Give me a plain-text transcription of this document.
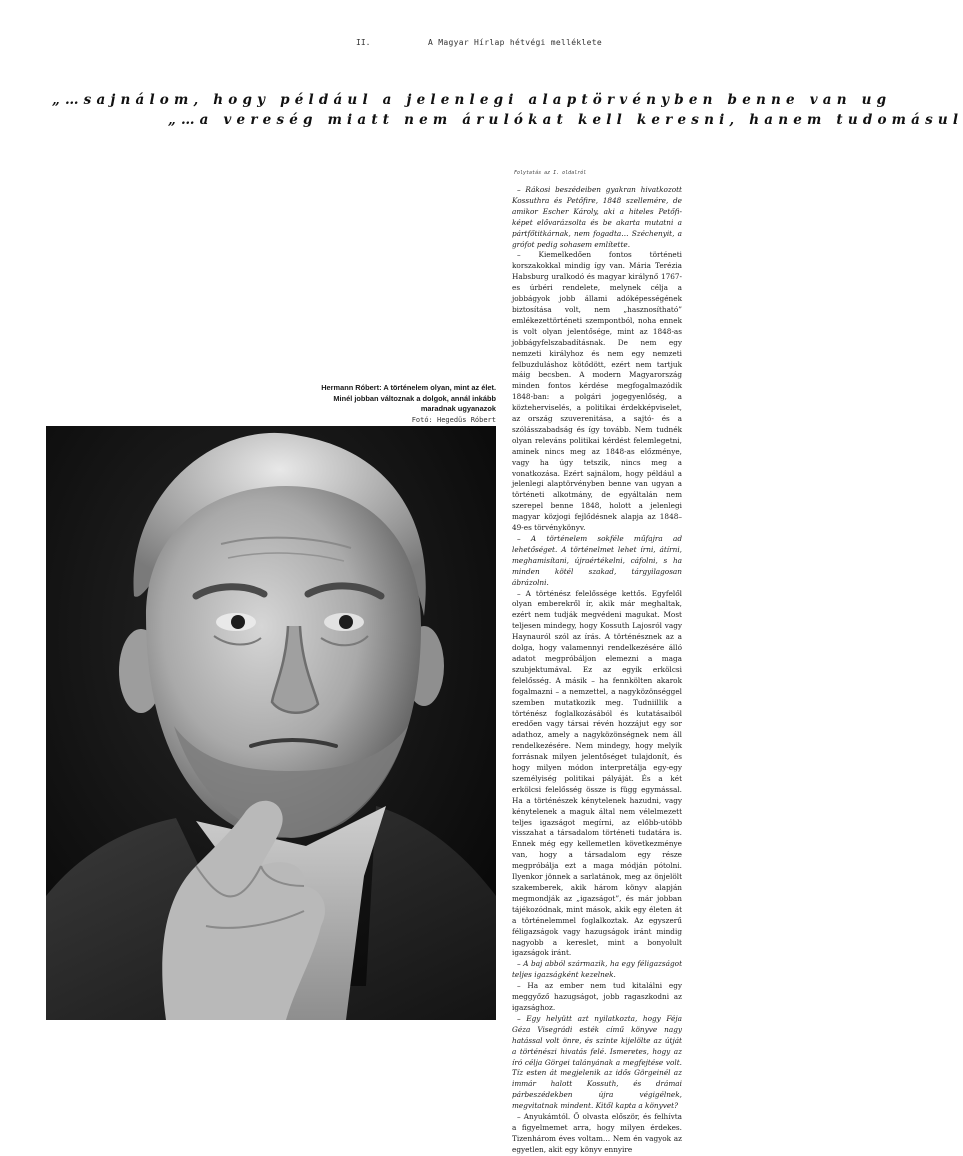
II.	A Magyar Hírlap hétvégi melléklete
„…sajnálom, hogy például a jelenlegi alaptörvényben benne van ug
„…a vereség miatt nem árulókat kell keresni, hanem tudomásul
Hermann Róbert: A történelem olyan, mint az élet.
Minél jobban változnak a dolgok, annál inkább
maradnak ugyanazok
Fotó: Hegedüs Róbert
Folytatás az I. oldalról

– Rákosi beszédeiben gyakran hivatkozott Kossuthra és Petőfire, 1848 szellemére, de amikor Escher Károly, aki a hiteles Petőfi-képet elővarázsolta és be akarta mutatni a pártfőtitkárnak, nem fogadta… Széchenyit, a grófot pedig sohasem említette.

– Kiemelkedően fontos történeti korszakokkal mindig így van. Mária Terézia Habsburg uralkodó és magyar királynő 1767-es úrbéri rendelete, melynek célja a jobbágyok jobb állami adóképességének biztosítása volt, nem „hasznosítható” emlékezettörténeti szempontból, noha ennek is volt olyan jelentősége, mint az 1848-as jobbágyfelszabadításnak. De nem egy nemzeti királyhoz és nem egy nemzeti felbuzduláshoz kötődött, ezért nem tartjuk máig becsben. A modern Magyarország minden fontos kérdése megfogalmazódik 1848-ban: a polgári jogegyenlőség, a közteherviselés, a politikai érdekképviselet, az ország szuverenitása, a sajtó- és a szólásszabadság és így tovább. Nem tudnék olyan releváns politikai kérdést felemlegetni, aminek nincs meg az 1848-as előzménye, vagy ha úgy tetszik, nincs meg a vonatkozása. Ezért sajnálom, hogy például a jelenlegi alaptörvényben benne van ugyan a történeti alkotmány, de egyáltalán nem szerepel benne 1848, holott a jelenlegi magyar közjogi fejlődésnek alapja az 1848–49-es törvénykönyv.

– A történelem sokféle műfajra ad lehetőséget. A történelmet lehet írni, átírni, meghamisítani, újraértékelni, cáfolni, s ha minden kötél szakad, tárgyilagosan ábrázolni.

– A történész felelőssége kettős. Egyfelől olyan emberekről ír, akik már meghaltak, ezért nem tudják megvédeni magukat. Most teljesen mindegy, hogy Kossuth Lajosról vagy Haynauról szól az írás. A történésznek az a dolga, hogy valamennyi rendelkezésére álló adatot megpróbáljon elemezni a maga szubjektumával. Ez az egyik erkölcsi felelősség. A másik – ha fennkölten akarok fogalmazni – a nemzettel, a nagyközönséggel szemben mutatkozik meg. Tudniillik a történész foglalkozásából és kutatásaiból eredően vagy társai révén hozzájut egy sor adathoz, amely a nagyközönségnek nem áll rendelkezésére. Nem mindegy, hogy melyik forrásnak milyen jelentőséget tulajdonít, és hogy milyen módon interpretálja egy-egy személyiség politikai pályáját. És a két erkölcsi felelősség össze is függ egymással. Ha a történészek kénytelenek hazudni, vagy kénytelenek a maguk által nem vélelmezett teljes igazságot megírni, az előbb-utóbb visszahat a társadalom történeti tudatára is. Ennek még egy kellemetlen következménye van, hogy a társadalom egy része megpróbálja ezt a maga módján pótolni. Ilyenkor jönnek a sarlatánok, meg az önjelölt szakemberek, akik három könyv alapján megmondják az „igazságot”, és már jobban tájékozódnak, mint mások, akik egy életen át a történelemmel foglalkoztak. Az egyszerű féligazságok vagy hazugságok iránt mindig nagyobb a kereslet, mint a bonyolult igazságok iránt.

– A baj abból származik, ha egy féligazságot teljes igazságként kezelnek.

– Ha az ember nem tud kitalálni egy meggyőző hazugságot, jobb ragaszkodni az igazsághoz.

– Egy helyütt azt nyilatkozta, hogy Féja Géza Visegrádi esték című könyve nagy hatással volt önre, és szinte kijelölte az útját a történészi hivatás felé. Ismeretes, hogy az író célja Görgei talányának a megfejtése volt. Tíz esten át megjelenik az idős Görgeinél az immár halott Kossuth, és drámai párbeszédekben újra végigélnek, megvitatnak mindent. Kitől kapta a könyvet?

– Anyukámtól. Ő olvasta először, és felhívta a figyelmemet arra, hogy milyen érdekes. Tizenhárom éves voltam… Nem én vagyok az egyetlen, akit egy könyv ennyire
